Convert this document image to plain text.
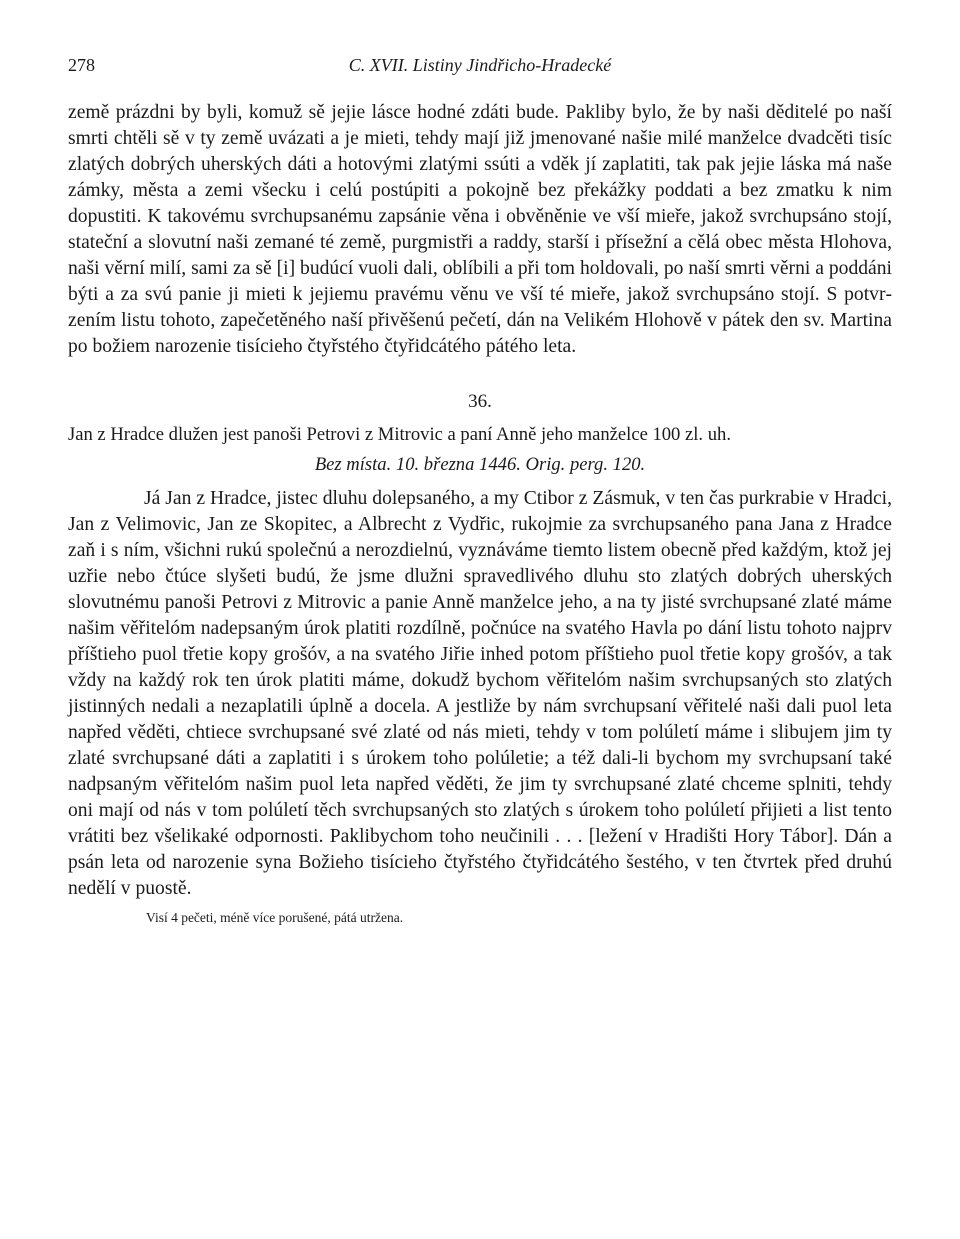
278	C. XVII. Listiny Jindřicho-Hradecké

země prázdni by byli, komuž sě jejie lásce hodné zdáti bude. Pakliby bylo, že by naši děditelé po naší smrti chtěli sě v ty země uvázati a je mieti, tehdy mají již jmenované našie milé manželce dvadcěti tisíc zlatých dobrých uherských dáti a hotovými zlatými ssúti a vděk jí zaplatiti, tak pak jejie láska má naše zámky, města a zemi všecku i celú postúpiti a pokojně bez překážky poddati a bez zmatku k nim dopustiti. K takovému svrchupsanému zapsánie věna i obvěněnie ve vší mieře, jakož svrchupsáno stojí, stateční a slovutní naši zemané té země, purgmistři a raddy, starší i přísežní a cělá obec města Hlohova, naši věrní milí, sami za sě [i] budúcí vuoli dali, oblíbili a při tom holdovali, po naší smrti věrni a poddáni býti a za svú panie ji mieti k jejiemu pravému věnu ve vší té mieře, jakož svrchupsáno stojí. S potvrzením listu tohoto, zapečetěného naší přivěšenú pečetí, dán na Velikém Hlohově v pátek den sv. Martina po božiem narozenie tisícieho čtyřstého čtyřidcátého pátého leta.

36.
Jan z Hradce dlužen jest panoši Petrovi z Mitrovic a paní Anně jeho manželce 100 zl. uh.
Bez místa. 10. března 1446. Orig. perg. 120.

Já Jan z Hradce, jistec dluhu dolepsaného, a my Ctibor z Zásmuk, v ten čas purkrabie v Hradci, Jan z Velimovic, Jan ze Skopitec, a Albrecht z Vydřic, rukojmie za svrchupsaného pana Jana z Hradce zaň i s ním, všichni rukú společnú a nerozdielnú, vyznáváme tiemto listem obecně před každým, ktož jej uzřie nebo čtúce slyšeti budú, že jsme dlužni spravedlivého dluhu sto zlatých dobrých uherských slovutnému panoši Petrovi z Mitrovic a panie Anně manželce jeho, a na ty jisté svrchupsané zlaté máme našim věřitelóm nadepsaným úrok platiti rozdílně, počnúce na svatého Havla po dání listu tohoto najprv příštieho puol třetie kopy grošóv, a na svatého Jiřie inhed potom příštieho puol třetie kopy grošóv, a tak vždy na každý rok ten úrok platiti máme, dokudž bychom věřitelóm našim svrchupsaných sto zlatých jistinných nedali a nezaplatili úplně a docela. A jestliže by nám svrchupsaní věřitelé naši dali puol leta napřed věděti, chtiece svrchupsané své zlaté od nás mieti, tehdy v tom polúletí máme i slibujem jim ty zlaté svrchupsané dáti a zaplatiti i s úrokem toho polúletie; a též dali-li bychom my svrchupsaní také nadpsaným věřitelóm našim puol leta napřed věděti, že jim ty svrchupsané zlaté chceme splniti, tehdy oni mají od nás v tom polúletí těch svrchupsaných sto zlatých s úrokem toho polúletí přijieti a list tento vrátiti bez všelikaké odpornosti. Paklibychom toho neučinili . . . [ležení v Hradišti Hory Tábor]. Dán a psán leta od narozenie syna Božieho tisícieho čtyřstého čtyřidcátého šestého, v ten čtvrtek před druhú nedělí v puostě.

Visí 4 pečeti, méně více porušené, pátá utržena.
